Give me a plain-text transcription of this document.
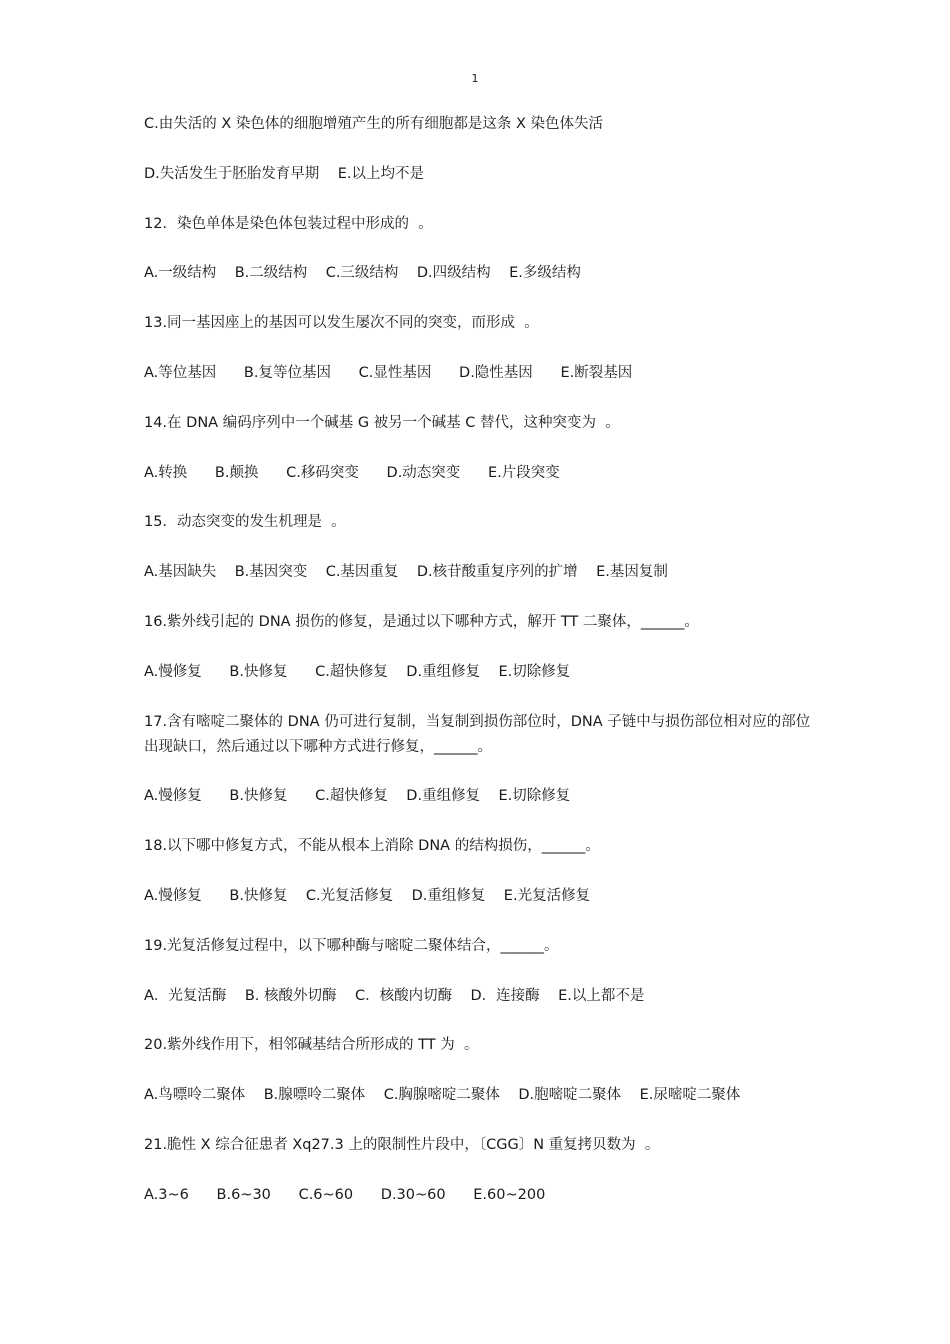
1
C.由失活的 X 染色体的细胞增殖产生的所有细胞都是这条 X 染色体失活
D.失活发生于胚胎发育早期    E.以上均不是
12．染色单体是染色体包装过程中形成的  。
A.一级结构    B.二级结构    C.三级结构    D.四级结构    E.多级结构
13.同一基因座上的基因可以发生屡次不同的突变，而形成  。
A.等位基因      B.复等位基因      C.显性基因      D.隐性基因      E.断裂基因
14.在 DNA 编码序列中一个碱基 G 被另一个碱基 C 替代，这种突变为  。
A.转换      B.颠换      C.移码突变      D.动态突变      E.片段突变
15．动态突变的发生机理是  。
A.基因缺失    B.基因突变    C.基因重复    D.核苷酸重复序列的扩增    E.基因复制
16.紫外线引起的 DNA 损伤的修复，是通过以下哪种方式，解开 TT 二聚体，______。
A.慢修复      B.快修复      C.超快修复    D.重组修复    E.切除修复
17.含有嘧啶二聚体的 DNA 仍可进行复制，当复制到损伤部位时，DNA 子链中与损伤部位相对应的部位出现缺口，然后通过以下哪种方式进行修复，______。
A.慢修复      B.快修复      C.超快修复    D.重组修复    E.切除修复
18.以下哪中修复方式，不能从根本上消除 DNA 的结构损伤，______。
A.慢修复      B.快修复    C.光复活修复    D.重组修复    E.光复活修复
19.光复活修复过程中，以下哪种酶与嘧啶二聚体结合，______。
A．光复活酶    B. 核酸外切酶    C．核酸内切酶    D．连接酶    E.以上都不是
20.紫外线作用下，相邻碱基结合所形成的 TT 为  。
A.鸟嘌呤二聚体    B.腺嘌呤二聚体    C.胸腺嘧啶二聚体    D.胞嘧啶二聚体    E.尿嘧啶二聚体
21.脆性 X 综合征患者 Xq27.3 上的限制性片段中，〔CGG〕N 重复拷贝数为  。
A.3~6      B.6~30      C.6~60      D.30~60      E.60~200
